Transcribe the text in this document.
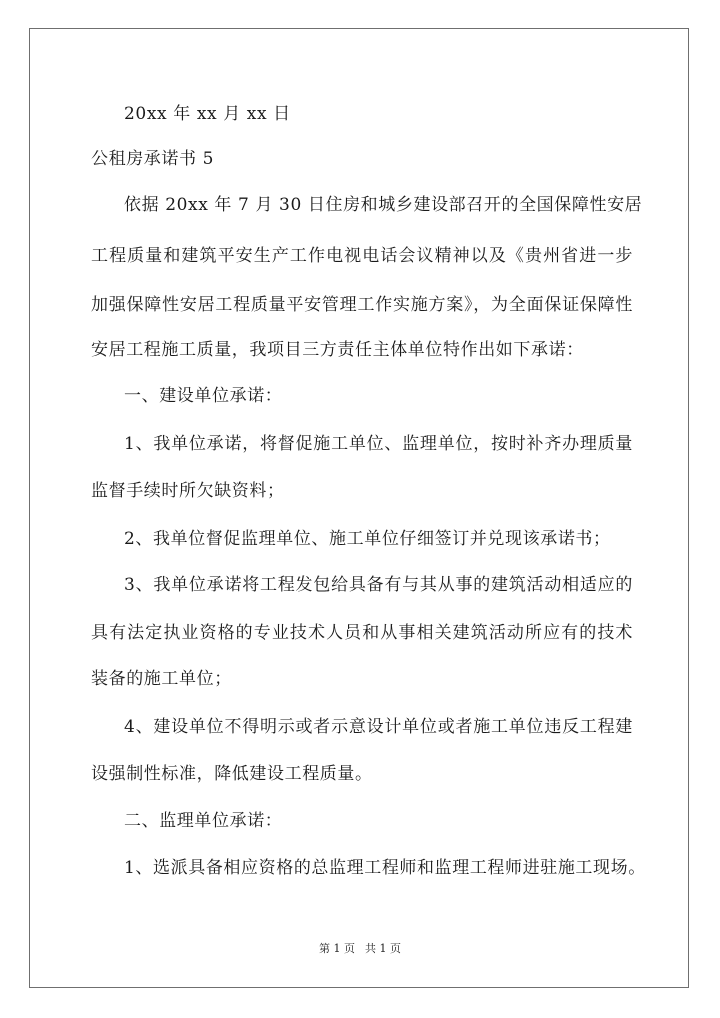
20xx 年 xx 月 xx 日
公租房承诺书 5
依据 20xx 年 7 月 30 日住房和城乡建设部召开的全国保障性安居
工程质量和建筑平安生产工作电视电话会议精神以及《贵州省进一步
加强保障性安居工程质量平安管理工作实施方案》，为全面保证保障性
安居工程施工质量，我项目三方责任主体单位特作出如下承诺：
一、建设单位承诺：
1、我单位承诺，将督促施工单位、监理单位，按时补齐办理质量
监督手续时所欠缺资料；
2、我单位督促监理单位、施工单位仔细签订并兑现该承诺书；
3、我单位承诺将工程发包给具备有与其从事的建筑活动相适应的
具有法定执业资格的专业技术人员和从事相关建筑活动所应有的技术
装备的施工单位；
4、建设单位不得明示或者示意设计单位或者施工单位违反工程建
设强制性标准，降低建设工程质量。
二、监理单位承诺：
1、选派具备相应资格的总监理工程师和监理工程师进驻施工现场。
第 1 页 共 1 页
